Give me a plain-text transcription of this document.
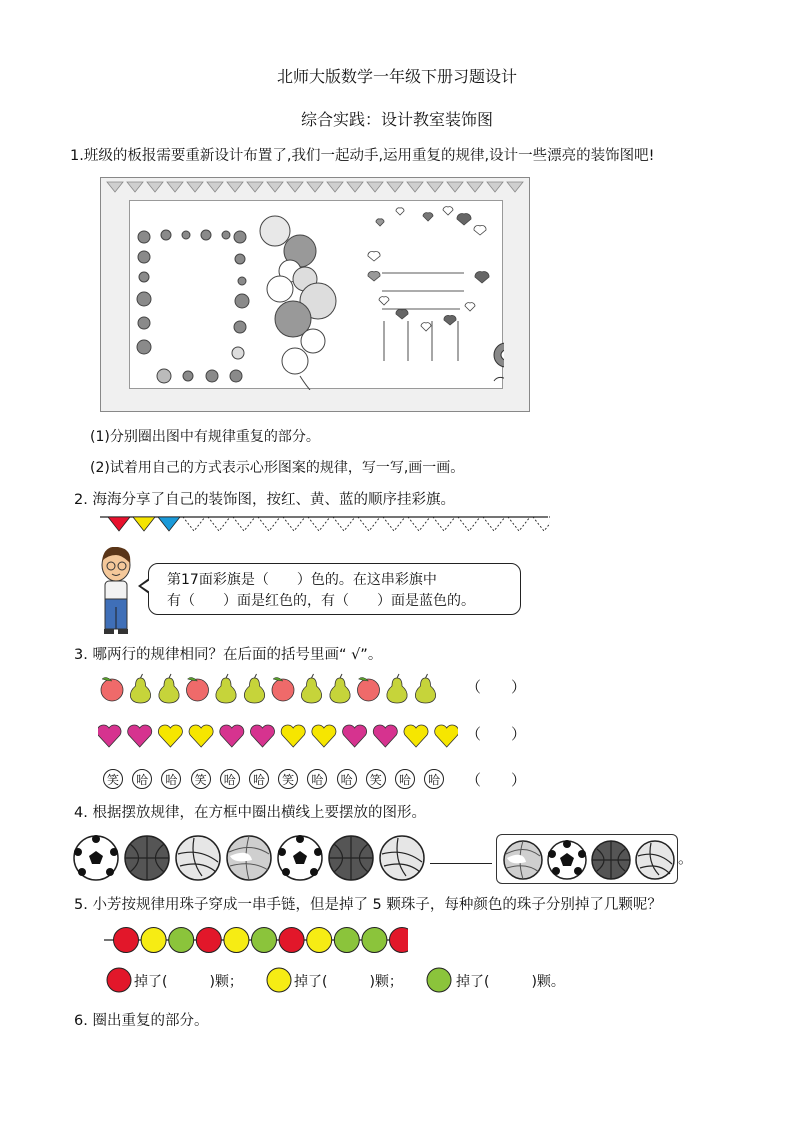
北师大版数学一年级下册习题设计
综合实践：设计教室装饰图
1.班级的板报需要重新设计布置了,我们一起动手,运用重复的规律,设计一些漂亮的装饰图吧!
(1)分别圈出图中有规律重复的部分。
(2)试着用自己的方式表示心形图案的规律，写一写,画一画。
2. 海海分享了自己的装饰图，按红、黄、蓝的顺序挂彩旗。
第17面彩旗是（　　）色的。在这串彩旗中
有（　　）面是红色的，有（　　）面是蓝色的。
3. 哪两行的规律相同？在后面的括号里画“ √”。
（　　）
（　　）
笑	哈	哈	笑	哈	哈	笑	哈	哈	笑	哈	哈 （　　）
4. 根据摆放规律，在方框中圈出横线上要摆放的图形。
。
5. 小芳按规律用珠子穿成一串手链，但是掉了 5 颗珠子，每种颜色的珠子分别掉了几颗呢？
掉了(　　　)颗；	掉了(　　　)颗；	掉了(　　　)颗。
6. 圈出重复的部分。
